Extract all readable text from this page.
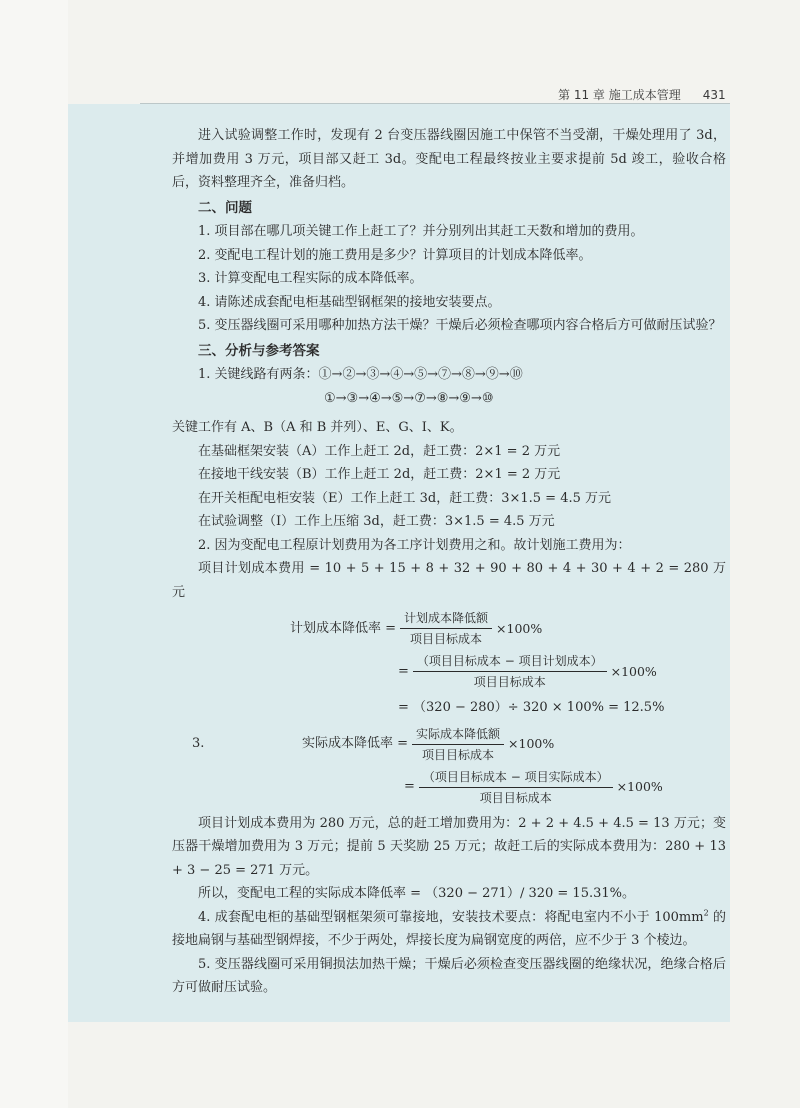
第 11 章 施工成本管理 431

进入试验调整工作时，发现有 2 台变压器线圈因施工中保管不当受潮，干燥处理用了 3d，并增加费用 3 万元，项目部又赶工 3d。变配电工程最终按业主要求提前 5d 竣工，验收合格后，资料整理齐全，准备归档。

二、问题

1. 项目部在哪几项关键工作上赶工了？并分别列出其赶工天数和增加的费用。

2. 变配电工程计划的施工费用是多少？计算项目的计划成本降低率。

3. 计算变配电工程实际的成本降低率。

4. 请陈述成套配电柜基础型钢框架的接地安装要点。

5. 变压器线圈可采用哪种加热方法干燥？干燥后必须检查哪项内容合格后方可做耐压试验？

三、分析与参考答案

1. 关键线路有两条：①→②→③→④→⑤→⑦→⑧→⑨→⑩

①→③→④→⑤→⑦→⑧→⑨→⑩

关键工作有 A、B（A 和 B 并列）、E、G、I、K。

在基础框架安装（A）工作上赶工 2d，赶工费：2×1 = 2 万元

在接地干线安装（B）工作上赶工 2d，赶工费：2×1 = 2 万元

在开关柜配电柜安装（E）工作上赶工 3d，赶工费：3×1.5 = 4.5 万元

在试验调整（I）工作上压缩 3d，赶工费：3×1.5 = 4.5 万元

2. 因为变配电工程原计划费用为各工序计划费用之和。故计划施工费用为：

项目计划成本费用 = 10 + 5 + 15 + 8 + 32 + 90 + 80 + 4 + 30 + 4 + 2 = 280 万元

计划成本降低率 = $\frac{\text{计划成本降低额}}{\text{项目目标成本}} \times 100\%$
= $\frac{\text{（项目目标成本 − 项目计划成本）}}{\text{项目目标成本}} \times 100\%$

= （320 − 280）÷ 320 × 100% = 12.5%

3.	实际成本降低率 = $\frac{\text{实际成本降低额}}{\text{项目目标成本}} \times 100\%$
= $\frac{\text{（项目目标成本 − 项目实际成本）}}{\text{项目目标成本}} \times 100\%$

项目计划成本费用为 280 万元，总的赶工增加费用为：2 + 2 + 4.5 + 4.5 = 13 万元；变压器干燥增加费用为 3 万元；提前 5 天奖励 25 万元；故赶工后的实际成本费用为：280 + 13 + 3 − 25 = 271 万元。

所以，变配电工程的实际成本降低率 = （320 − 271）/ 320 = 15.31%。

4. 成套配电柜的基础型钢框架须可靠接地，安装技术要点：将配电室内不小于 $100mm^2$ 的接地扁钢与基础型钢焊接，不少于两处，焊接长度为扁钢宽度的两倍，应不少于 3 个棱边。

5. 变压器线圈可采用铜损法加热干燥；干燥后必须检查变压器线圈的绝缘状况，绝缘合格后方可做耐压试验。
